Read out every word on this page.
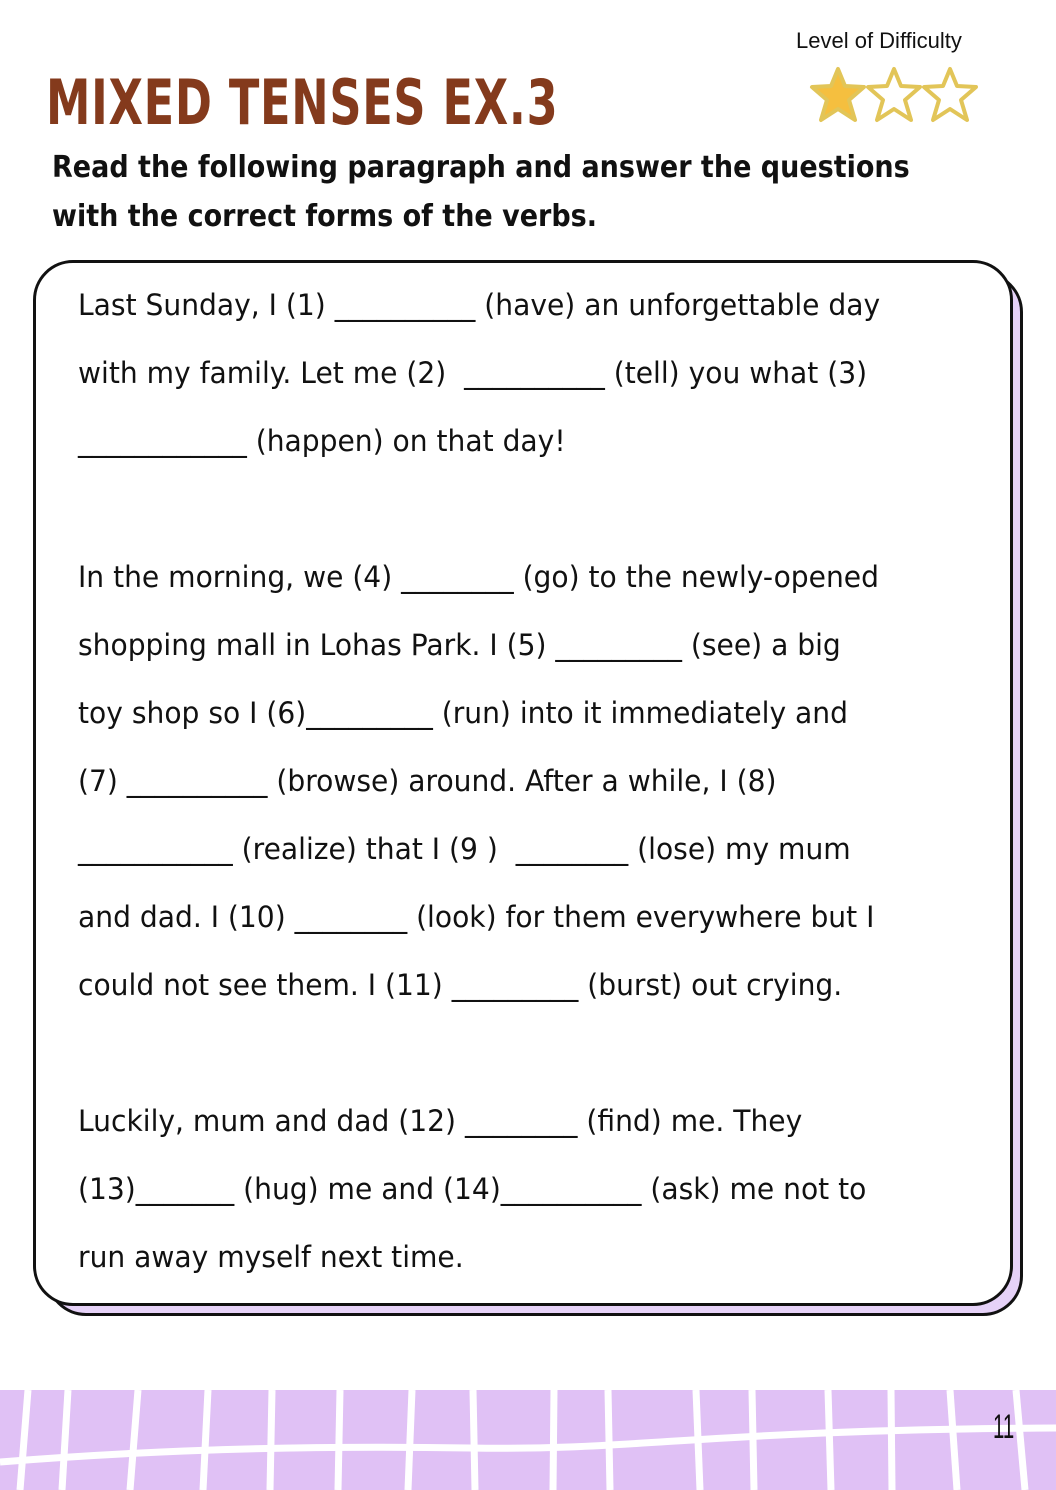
MIXED TENSES EX.3

Read the following paragraph and answer the questions with the correct forms of the verbs.

Level of Difficulty
Last Sunday, I (1) __________ (have) an unforgettable day
with my family. Let me (2)  __________ (tell) you what (3)
____________ (happen) on that day!
In the morning, we (4) ________ (go) to the newly-opened
shopping mall in Lohas Park. I (5) _________ (see) a big
toy shop so I (6)_________ (run) into it immediately and
(7) __________ (browse) around. After a while, I (8)
___________ (realize) that I (9 )  ________ (lose) my mum
and dad. I (10) ________ (look) for them everywhere but I
could not see them. I (11) _________ (burst) out crying.
Luckily, mum and dad (12) ________ (find) me. They
(13)_______ (hug) me and (14)__________ (ask) me not to
run away myself next time.
11
